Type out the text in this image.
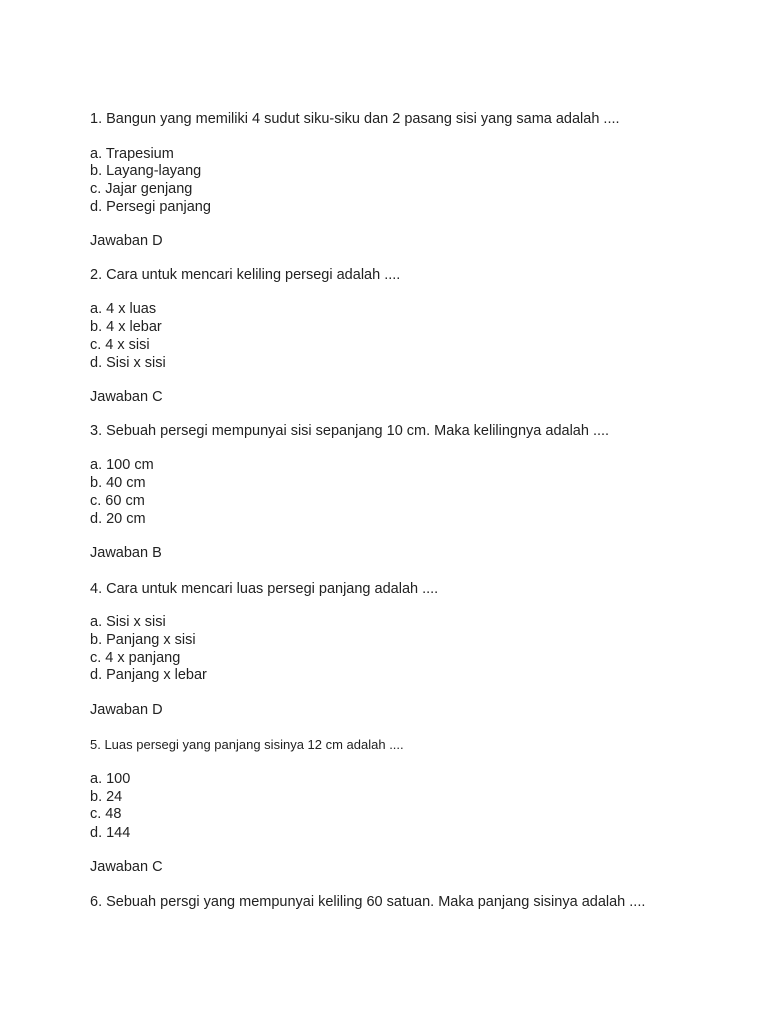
1. Bangun yang memiliki 4 sudut siku-siku dan 2 pasang sisi yang sama adalah ....
a. Trapesium
b. Layang-layang
c. Jajar genjang
d. Persegi panjang
Jawaban D
2. Cara untuk mencari keliling persegi adalah ....
a. 4 x luas
b. 4 x lebar
c. 4 x sisi
d. Sisi x sisi
Jawaban C
3. Sebuah persegi mempunyai sisi sepanjang 10 cm. Maka kelilingnya adalah ....
a. 100 cm
b. 40 cm
c. 60 cm
d. 20 cm
Jawaban B
4. Cara untuk mencari luas persegi panjang adalah ....
a. Sisi x sisi
b. Panjang x sisi
c. 4 x panjang
d. Panjang x lebar
Jawaban D
5. Luas persegi yang panjang sisinya 12 cm adalah ....
a. 100
b. 24
c. 48
d. 144
Jawaban C
6. Sebuah persgi yang mempunyai keliling 60 satuan. Maka panjang sisinya adalah ....
